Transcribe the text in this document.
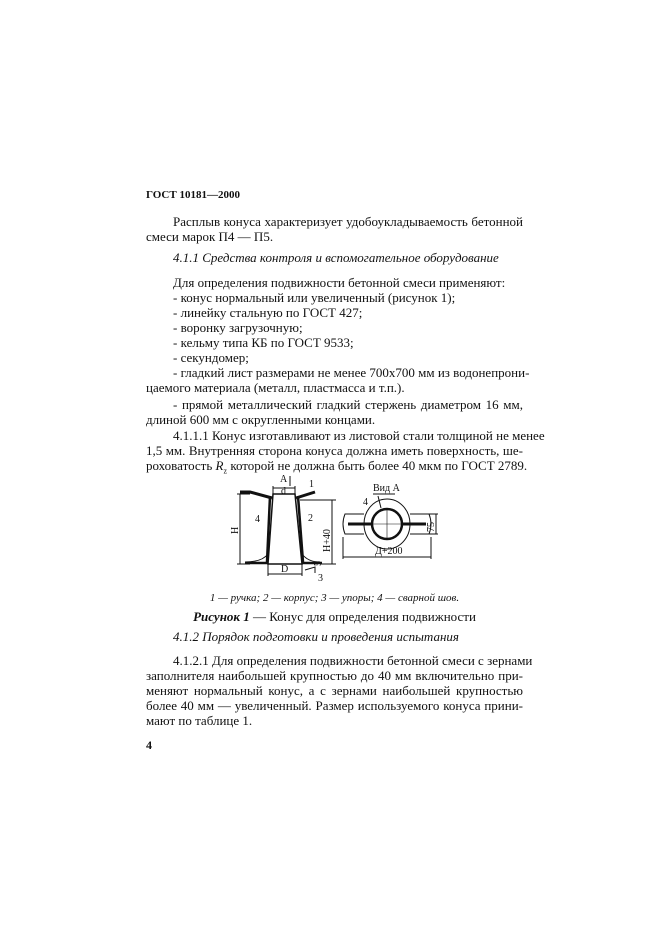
ГОСТ 10181—2000
Расплыв конуса характеризует удобоукладываемость бетонной
смеси марок П4 — П5.
4.1.1 Средства контроля и вспомогательное оборудование
Для определения подвижности бетонной смеси применяют:
- конус нормальный или увеличенный (рисунок 1);
- линейку стальную по ГОСТ 427;
- воронку загрузочную;
- кельму типа КБ по ГОСТ 9533;
- секундомер;
- гладкий лист размерами не менее 700х700 мм из водонепрони-
цаемого материала (металл, пластмасса и т.п.).
- прямой металлический гладкий стержень диаметром 16 мм,
длиной 600 мм с округленными концами.
4.1.1.1 Конус изготавливают из листовой стали толщиной не менее
1,5 мм. Внутренняя сторона конуса должна иметь поверхность, ше-
роховатость $R_z$ которой не должна быть более 40 мкм по ГОСТ 2789.
А
d
1
4	2
Н	Н+40
5
D
3
Вид А
4
Д+200
75
1 — ручка; 2 — корпус; 3 — упоры; 4 — сварной шов.
Рисунок 1 — Конус для определения подвижности
4.1.2 Порядок подготовки и проведения испытания
4.1.2.1 Для определения подвижности бетонной смеси с зернами
заполнителя наибольшей крупностью до 40 мм включительно при-
меняют нормальный конус, а с зернами наибольшей крупностью
более 40 мм — увеличенный. Размер используемого конуса прини-
мают по таблице 1.
4
